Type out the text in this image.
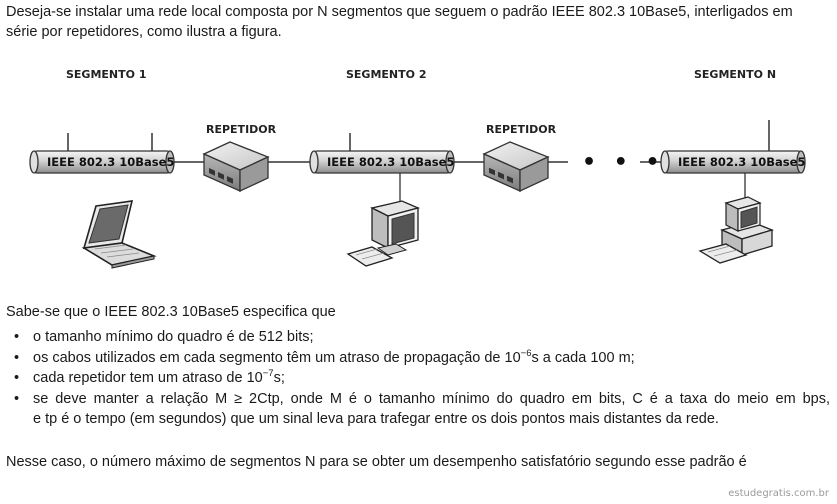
Deseja-se instalar uma rede local composta por N segmentos que seguem o padrão IEEE 802.3 10Base5, interligados em
série por repetidores, como ilustra a figura.
SEGMENTO 1	SEGMENTO 2	SEGMENTO N
REPETIDOR	REPETIDOR
IEEE 802.3 10Base5	IEEE 802.3 10Base5	IEEE 802.3 10Base5
• • •
Sabe-se que o IEEE 802.3 10Base5 especifica que
• o tamanho mínimo do quadro é de 512 bits;
• os cabos utilizados em cada segmento têm um atraso de propagação de $10^{-6}s$ a cada 100 m;
• cada repetidor tem um atraso de $10^{-7}s$;
• se deve manter a relação M ≥ 2Ctp, onde M é o tamanho mínimo do quadro em bits, C é a taxa do meio em bps,
e tp é o tempo (em segundos) que um sinal leva para trafegar entre os dois pontos mais distantes da rede.
Nesse caso, o número máximo de segmentos N para se obter um desempenho satisfatório segundo esse padrão é
estudegratis.com.br
